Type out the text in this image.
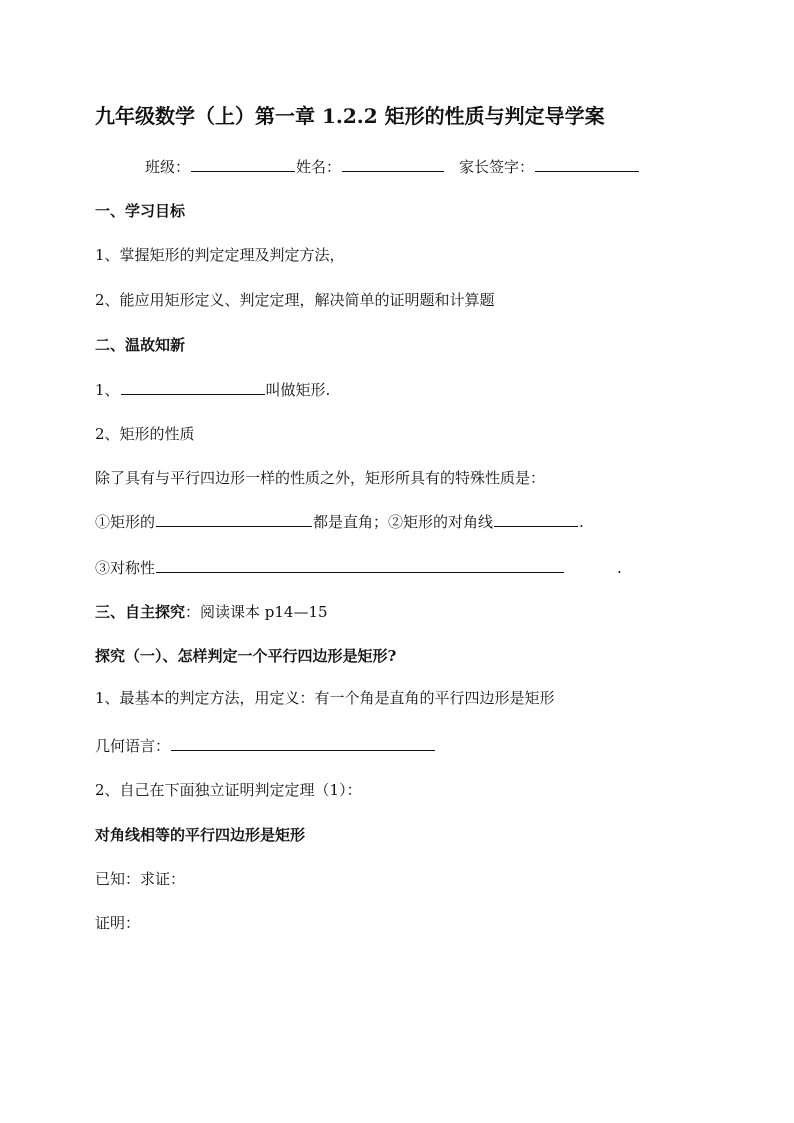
九年级数学（上）第一章 1.2.2 矩形的性质与判定导学案
班级：	姓名：	家长签字：
一、学习目标
1、掌握矩形的判定定理及判定方法，
2、能应用矩形定义、判定定理，解决简单的证明题和计算题
二、温故知新
1、	叫做矩形.
2、矩形的性质
除了具有与平行四边形一样的性质之外，矩形所具有的特殊性质是：
①矩形的	都是直角；②矩形的对角线	.
③对称性	.
三、自主探究：阅读课本 p14—15
探究（一）、怎样判定一个平行四边形是矩形?
1、最基本的判定方法，用定义：有一个角是直角的平行四边形是矩形
几何语言：
2、自己在下面独立证明判定定理（1）：
对角线相等的平行四边形是矩形
已知：求证：
证明：
